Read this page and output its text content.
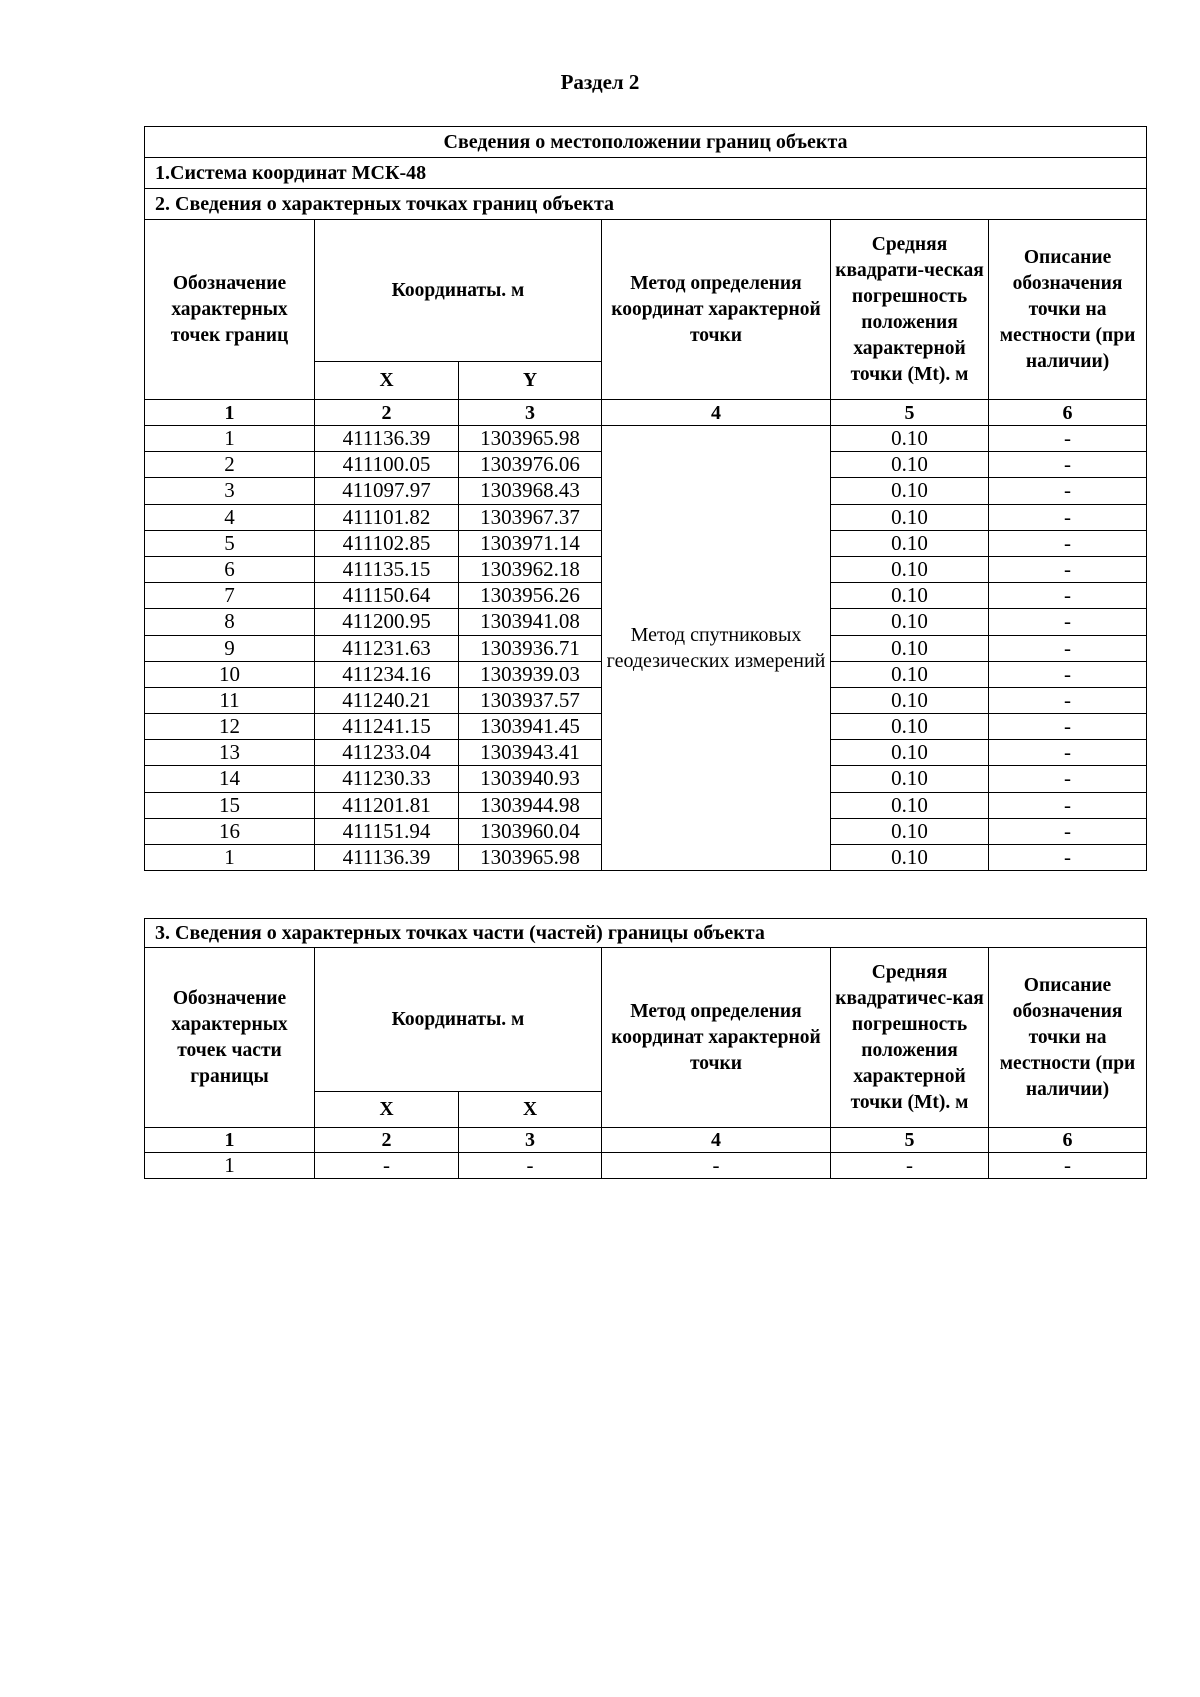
Раздел 2
Сведения о местоположении границ объекта					
1.Система координат МСК-48					
2. Сведения о характерных точках границ объекта					
Обозначение характерных точек границ	Координаты. м		Метод определения координат характерной точки	Средняя квадрати-ческая погрешность положения характерной точки (Mt). м	Описание обозначения точки на местности (при наличии)
	X	Y			
1	2	3	4	5	6
1	411136.39	1303965.98	Метод спутниковых геодезических измерений	0.10	-
2	411100.05	1303976.06		0.10	-
3	411097.97	1303968.43		0.10	-
4	411101.82	1303967.37		0.10	-
5	411102.85	1303971.14		0.10	-
6	411135.15	1303962.18		0.10	-
7	411150.64	1303956.26		0.10	-
8	411200.95	1303941.08		0.10	-
9	411231.63	1303936.71		0.10	-
10	411234.16	1303939.03		0.10	-
11	411240.21	1303937.57		0.10	-
12	411241.15	1303941.45		0.10	-
13	411233.04	1303943.41		0.10	-
14	411230.33	1303940.93		0.10	-
15	411201.81	1303944.98		0.10	-
16	411151.94	1303960.04		0.10	-
1	411136.39	1303965.98		0.10	-
3. Сведения о характерных точках части (частей) границы объекта					
Обозначение характерных точек части границы	Координаты. м		Метод определения координат характерной точки	Средняя квадратичес-кая погрешность положения характерной точки (Mt). м	Описание обозначения точки на местности (при наличии)
	X	X			
1	2	3	4	5	6
1	-	-	-	-	-
